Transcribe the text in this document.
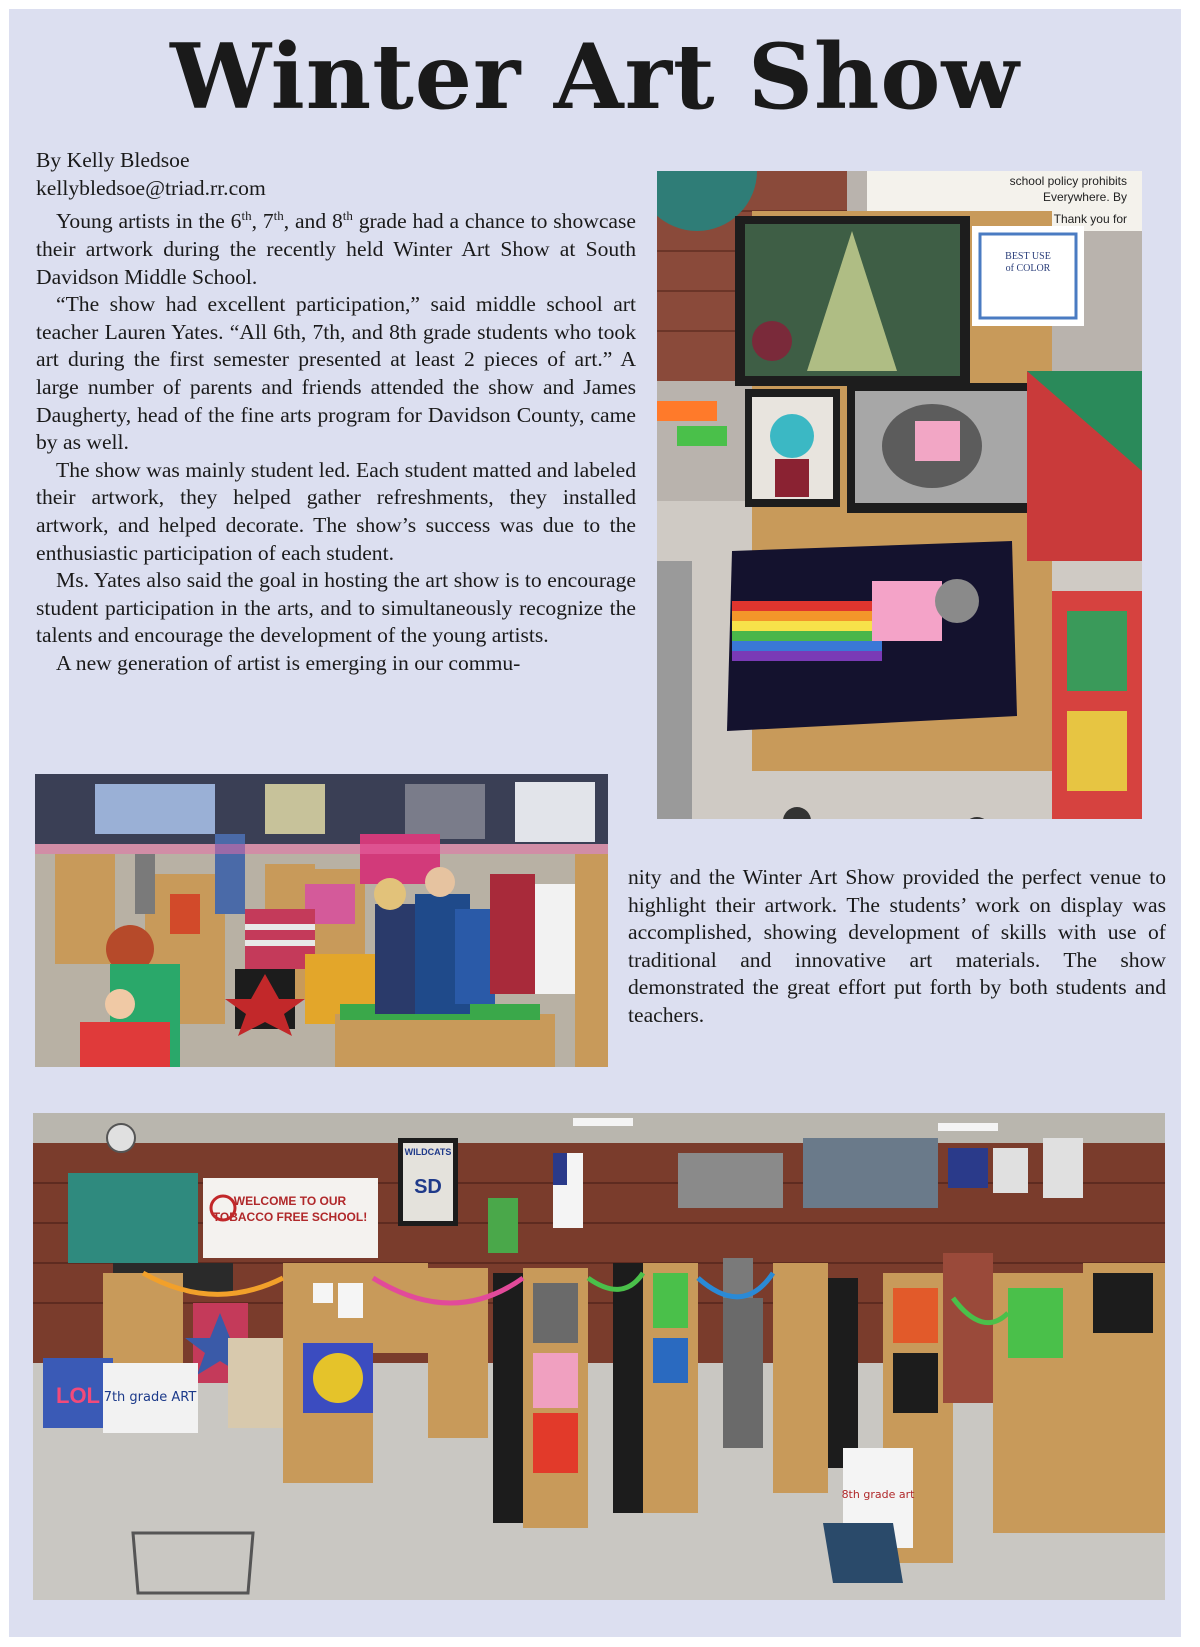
Winter Art Show

By Kelly Bledsoe

kellybledsoe@triad.rr.com

Young artists in the 6th, 7th, and 8th grade had a chance to showcase their artwork during the recently held Winter Art Show at South Davidson Middle School.

“The show had excellent participation,” said middle school art teacher Lauren Yates. “All 6th, 7th, and 8th grade students who took art during the first semester presented at least 2 pieces of art.” A large number of parents and friends attended the show and James Daugherty, head of the fine arts program for Davidson County, came by as well.

The show was mainly student led. Each student matted and labeled their artwork, they helped gather refreshments, they installed artwork, and helped decorate. The show’s success was due to the enthusiastic participation of each student.

Ms. Yates also said the goal in hosting the art show is to encourage student participation in the arts, and to simultaneously recognize the talents and encourage the development of the young artists.

A new generation of artist is emerging in our commu-

nity and the Winter Art Show provided the perfect venue to highlight their artwork. The students’ work on display was accomplished, showing development of skills with use of traditional and innovative art materials. The show demonstrated the great effort put forth by both students and teachers.

school policy prohibits
Everywhere. By
Thank you for
BEST USE
of COLOR
WELCOME TO OUR
TOBACCO FREE SCHOOL!
WILDCATS
SD
LOL 7th grade ART
8th grade art
